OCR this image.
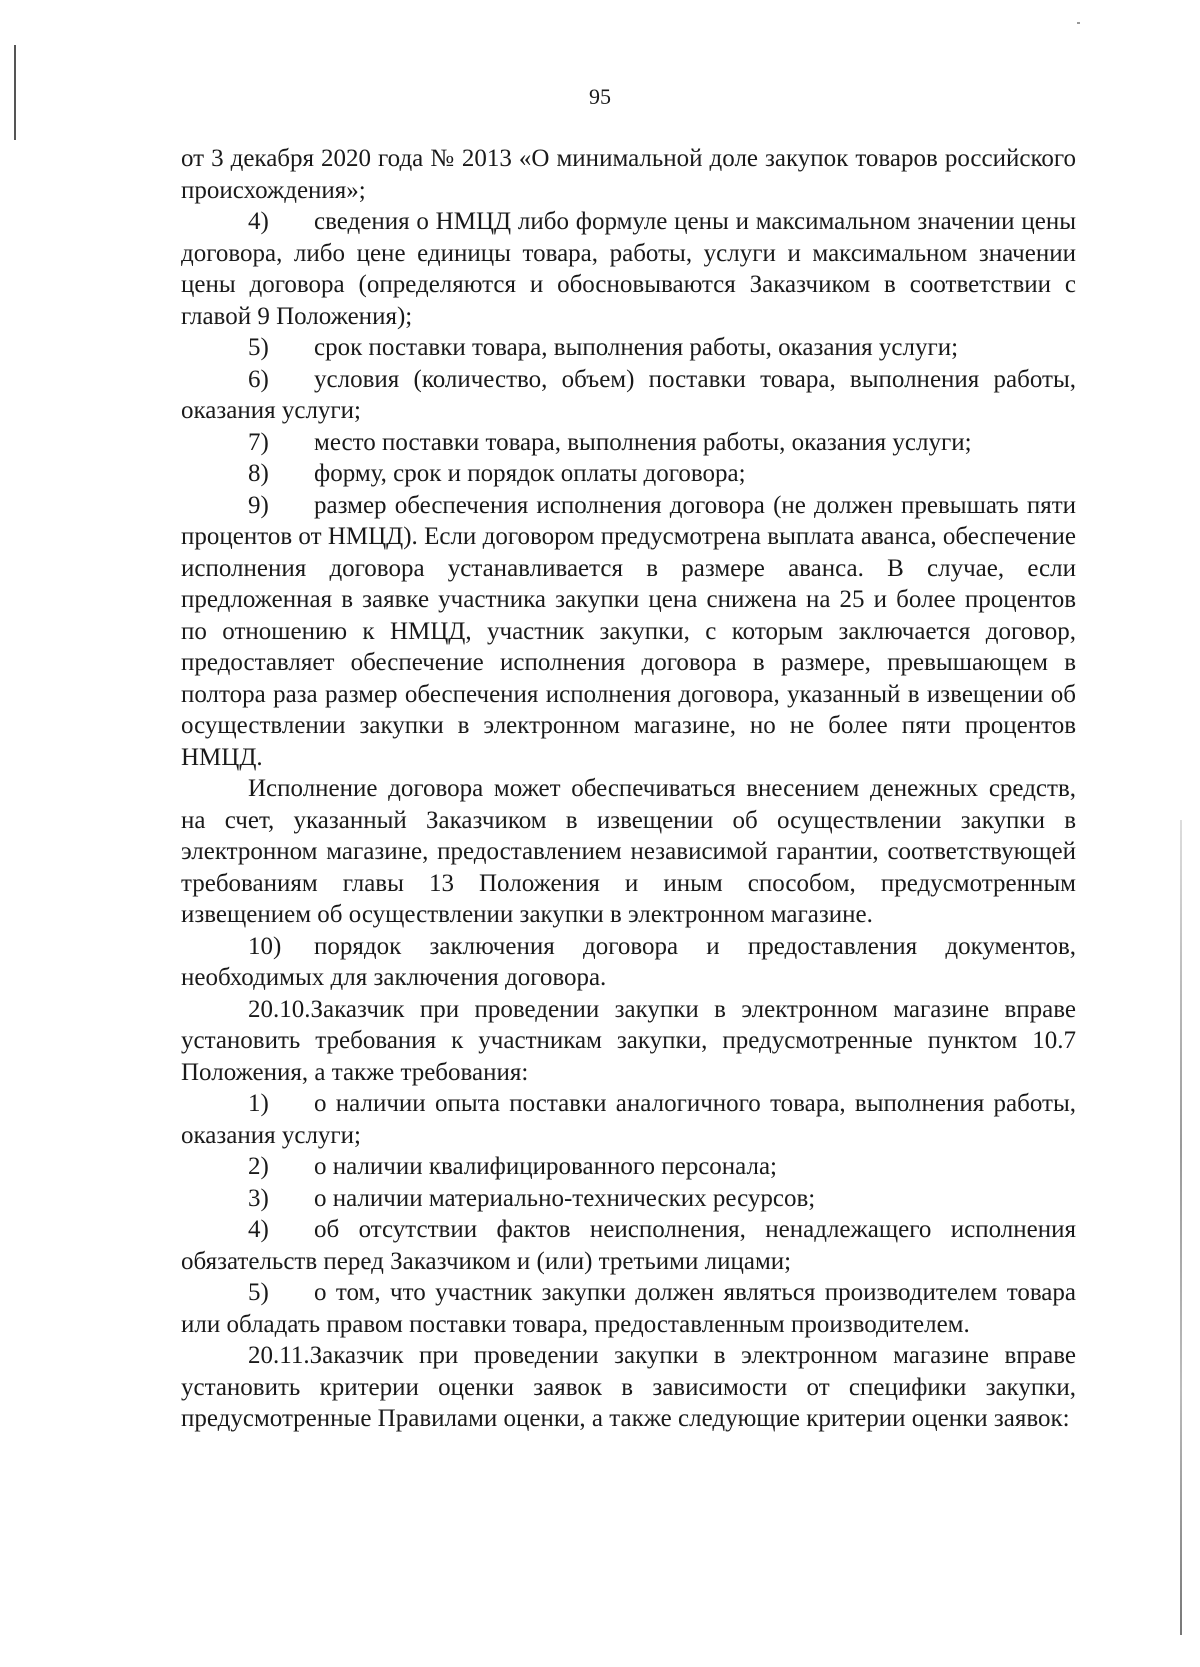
95

от 3 декабря 2020 года № 2013 «О минимальной доле закупок товаров российского происхождения»;

4) сведения о НМЦД либо формуле цены и максимальном значении цены договора, либо цене единицы товара, работы, услуги и максимальном значении цены договора (определяются и обосновываются Заказчиком в соответствии с главой 9 Положения);
5) срок поставки товара, выполнения работы, оказания услуги;
6) условия (количество, объем) поставки товара, выполнения работы, оказания услуги;
7) место поставки товара, выполнения работы, оказания услуги;
8) форму, срок и порядок оплаты договора;
9) размер обеспечения исполнения договора (не должен превышать пяти процентов от НМЦД). Если договором предусмотрена выплата аванса, обеспечение исполнения договора устанавливается в размере аванса. В случае, если предложенная в заявке участника закупки цена снижена на 25 и более процентов по отношению к НМЦД, участник закупки, с которым заключается договор, предоставляет обеспечение исполнения договора в размере, превышающем в полтора раза размер обеспечения исполнения договора, указанный в извещении об осуществлении закупки в электронном магазине, но не более пяти процентов НМЦД.

Исполнение договора может обеспечиваться внесением денежных средств, на счет, указанный Заказчиком в извещении об осуществлении закупки в электронном магазине, предоставлением независимой гарантии, соответствующей требованиям главы 13 Положения и иным способом, предусмотренным извещением об осуществлении закупки в электронном магазине.

10) порядок заключения договора и предоставления документов, необходимых для заключения договора.

20.10.Заказчик при проведении закупки в электронном магазине вправе установить требования к участникам закупки, предусмотренные пунктом 10.7 Положения, а также требования:

1) о наличии опыта поставки аналогичного товара, выполнения работы, оказания услуги;
2) о наличии квалифицированного персонала;
3) о наличии материально-технических ресурсов;
4) об отсутствии фактов неисполнения, ненадлежащего исполнения обязательств перед Заказчиком и (или) третьими лицами;
5) о том, что участник закупки должен являться производителем товара или обладать правом поставки товара, предоставленным производителем.

20.11.Заказчик при проведении закупки в электронном магазине вправе установить критерии оценки заявок в зависимости от специфики закупки, предусмотренные Правилами оценки, а также следующие критерии оценки заявок:
